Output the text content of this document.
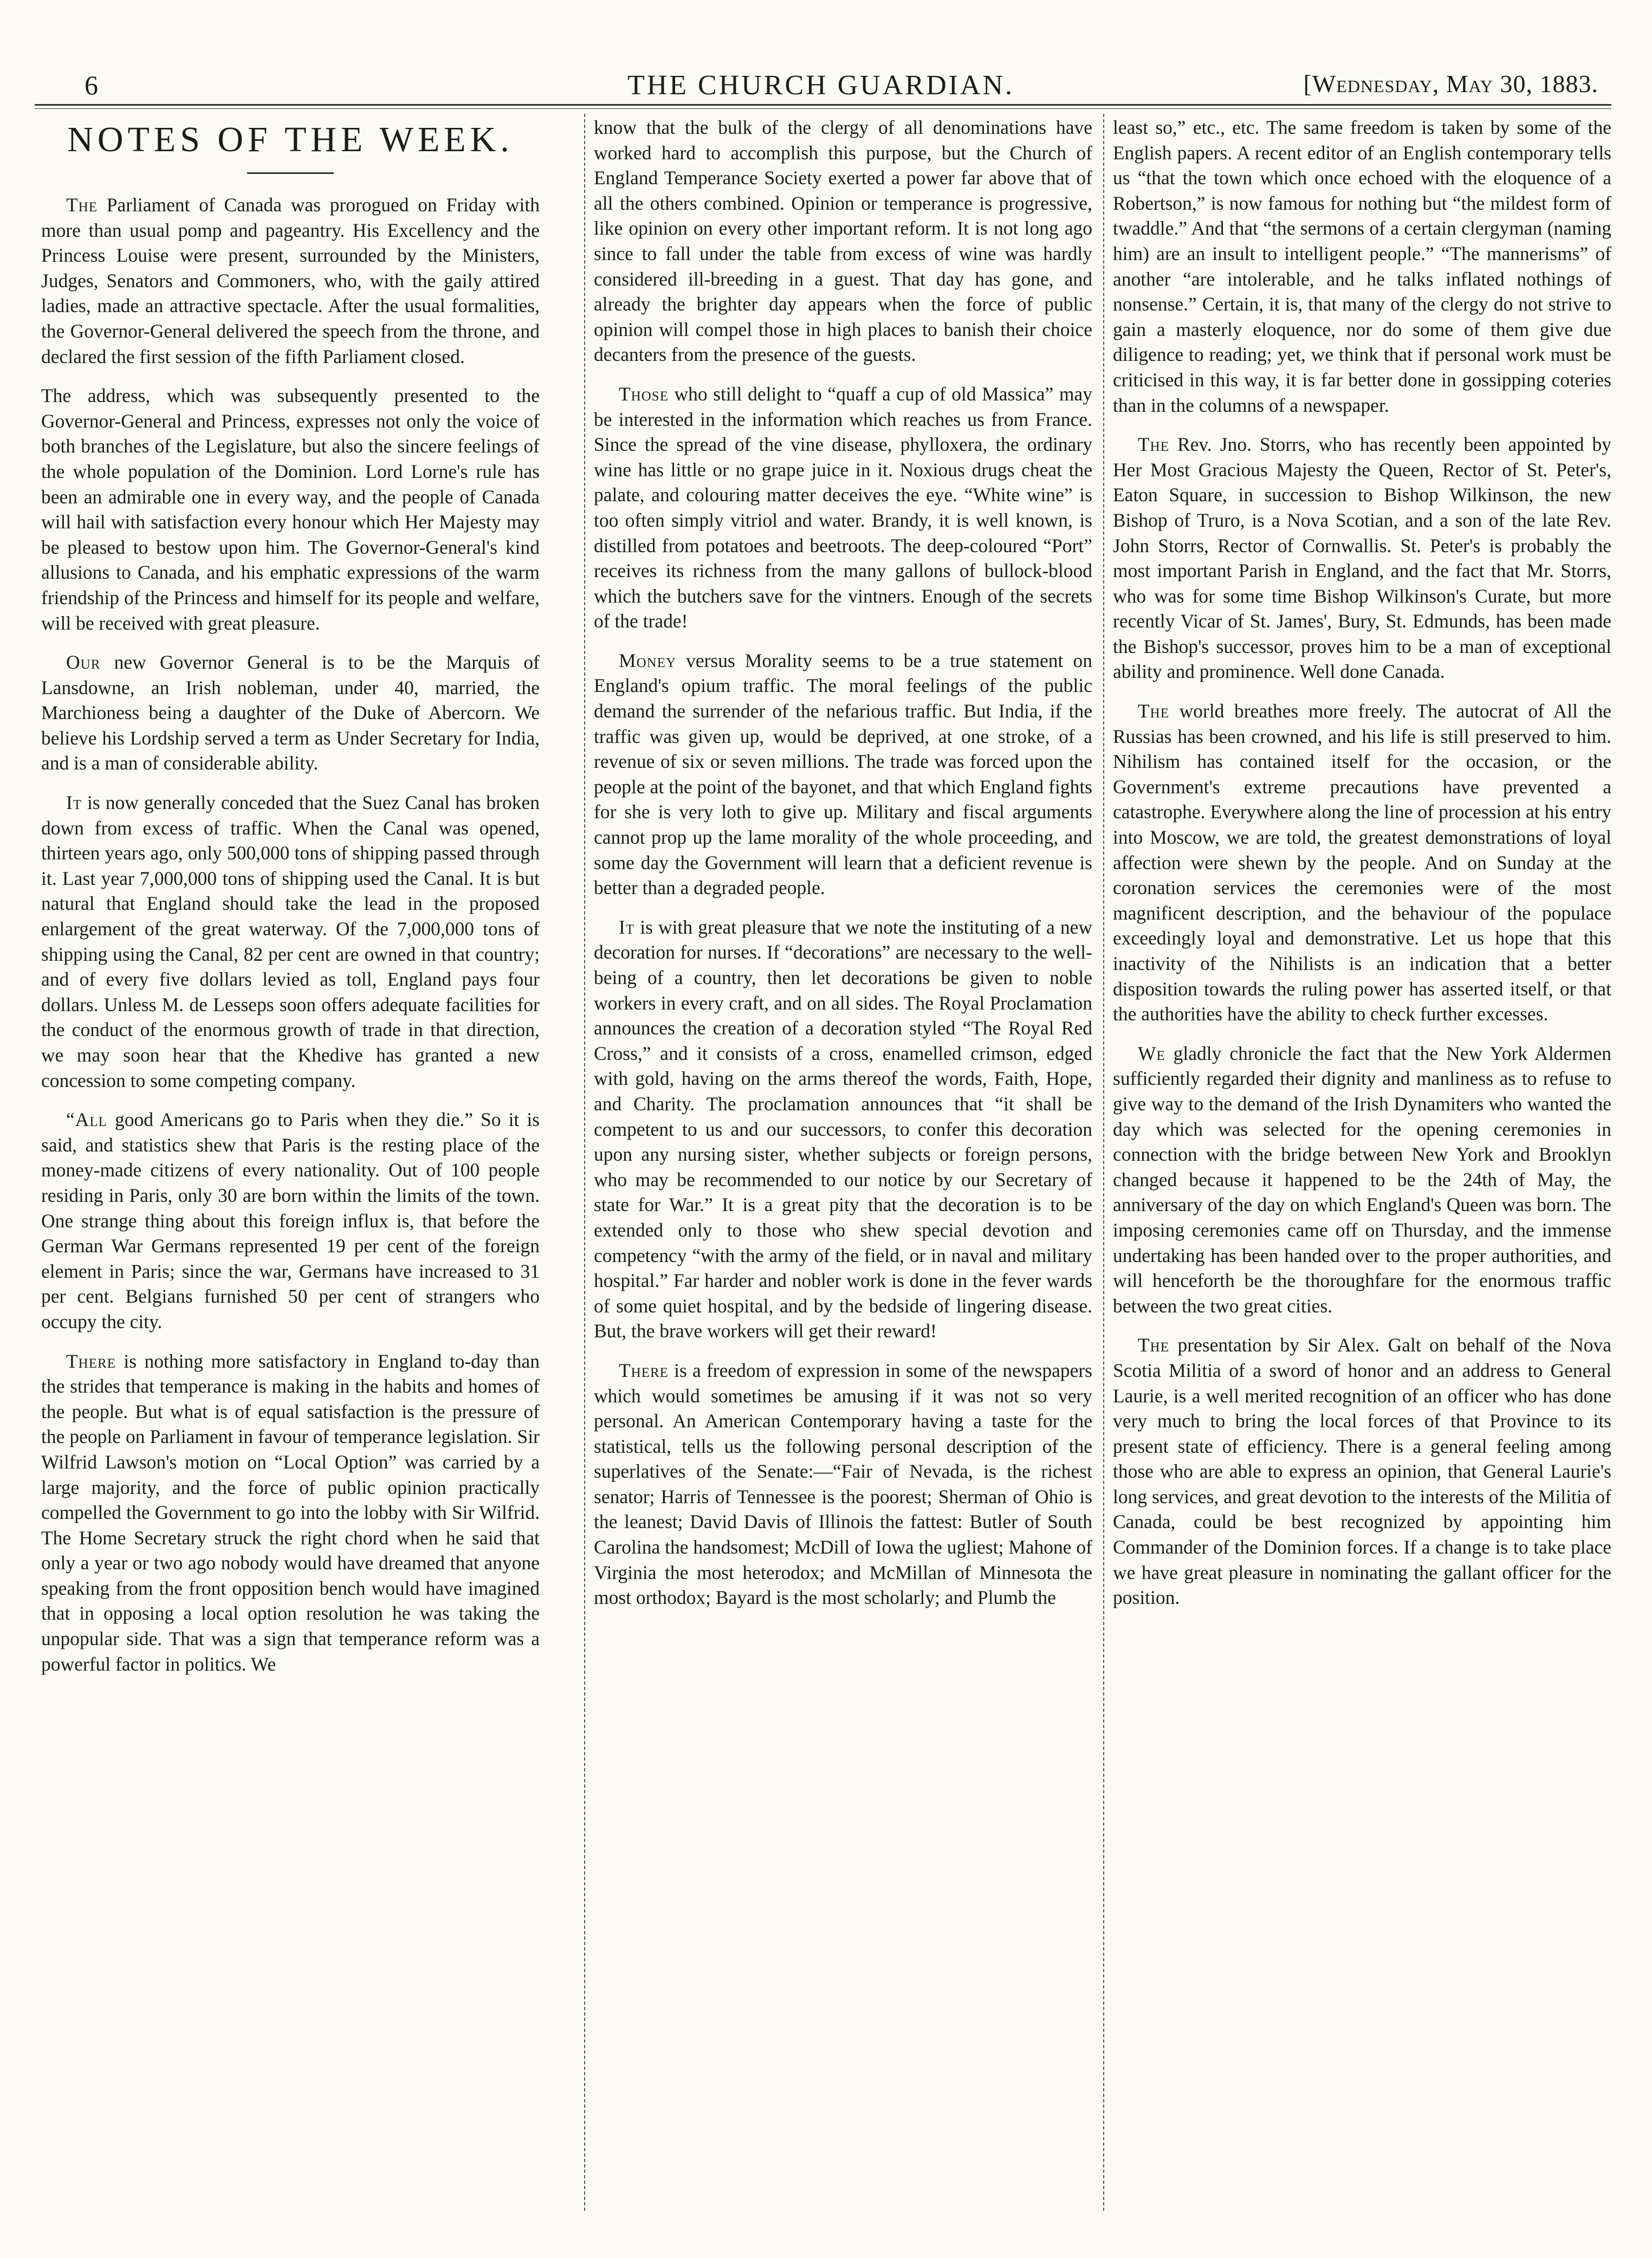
6	THE CHURCH GUARDIAN.	[Wednesday, May 30, 1883.
NOTES OF THE WEEK.

The Parliament of Canada was prorogued on Friday with more than usual pomp and pageantry. His Excellency and the Princess Louise were present, surrounded by the Ministers, Judges, Senators and Commoners, who, with the gaily attired ladies, made an attractive spectacle. After the usual formalities, the Governor-General delivered the speech from the throne, and declared the first session of the fifth Parliament closed.

The address, which was subsequently presented to the Governor-General and Princess, expresses not only the voice of both branches of the Legislature, but also the sincere feelings of the whole population of the Dominion. Lord Lorne's rule has been an admirable one in every way, and the people of Canada will hail with satisfaction every honour which Her Majesty may be pleased to bestow upon him. The Governor-General's kind allusions to Canada, and his emphatic expressions of the warm friendship of the Princess and himself for its people and welfare, will be received with great pleasure.

Our new Governor General is to be the Marquis of Lansdowne, an Irish nobleman, under 40, married, the Marchioness being a daughter of the Duke of Abercorn. We believe his Lordship served a term as Under Secretary for India, and is a man of considerable ability.

It is now generally conceded that the Suez Canal has broken down from excess of traffic. When the Canal was opened, thirteen years ago, only 500,000 tons of shipping passed through it. Last year 7,000,000 tons of shipping used the Canal. It is but natural that England should take the lead in the proposed enlargement of the great waterway. Of the 7,000,000 tons of shipping using the Canal, 82 per cent are owned in that country; and of every five dollars levied as toll, England pays four dollars. Unless M. de Lesseps soon offers adequate facilities for the conduct of the enormous growth of trade in that direction, we may soon hear that the Khedive has granted a new concession to some competing company.

“All good Americans go to Paris when they die.” So it is said, and statistics shew that Paris is the resting place of the money-made citizens of every nationality. Out of 100 people residing in Paris, only 30 are born within the limits of the town. One strange thing about this foreign influx is, that before the German War Germans represented 19 per cent of the foreign element in Paris; since the war, Germans have increased to 31 per cent. Belgians furnished 50 per cent of strangers who occupy the city.

There is nothing more satisfactory in England to-day than the strides that temperance is making in the habits and homes of the people. But what is of equal satisfaction is the pressure of the people on Parliament in favour of temperance legislation. Sir Wilfrid Lawson's motion on “Local Option” was carried by a large majority, and the force of public opinion practically compelled the Government to go into the lobby with Sir Wilfrid. The Home Secretary struck the right chord when he said that only a year or two ago nobody would have dreamed that anyone speaking from the front opposition bench would have imagined that in opposing a local option resolution he was taking the unpopular side. That was a sign that temperance reform was a powerful factor in politics. We

know that the bulk of the clergy of all denominations have worked hard to accomplish this purpose, but the Church of England Temperance Society exerted a power far above that of all the others combined. Opinion or temperance is progressive, like opinion on every other important reform. It is not long ago since to fall under the table from excess of wine was hardly considered ill-breeding in a guest. That day has gone, and already the brighter day appears when the force of public opinion will compel those in high places to banish their choice decanters from the presence of the guests.

Those who still delight to “quaff a cup of old Massica” may be interested in the information which reaches us from France. Since the spread of the vine disease, phylloxera, the ordinary wine has little or no grape juice in it. Noxious drugs cheat the palate, and colouring matter deceives the eye. “White wine” is too often simply vitriol and water. Brandy, it is well known, is distilled from potatoes and beetroots. The deep-coloured “Port” receives its richness from the many gallons of bullock-blood which the butchers save for the vintners. Enough of the secrets of the trade!

Money versus Morality seems to be a true statement on England's opium traffic. The moral feelings of the public demand the surrender of the nefarious traffic. But India, if the traffic was given up, would be deprived, at one stroke, of a revenue of six or seven millions. The trade was forced upon the people at the point of the bayonet, and that which England fights for she is very loth to give up. Military and fiscal arguments cannot prop up the lame morality of the whole proceeding, and some day the Government will learn that a deficient revenue is better than a degraded people.

It is with great pleasure that we note the instituting of a new decoration for nurses. If “decorations” are necessary to the well-being of a country, then let decorations be given to noble workers in every craft, and on all sides. The Royal Proclamation announces the creation of a decoration styled “The Royal Red Cross,” and it consists of a cross, enamelled crimson, edged with gold, having on the arms thereof the words, Faith, Hope, and Charity. The proclamation announces that “it shall be competent to us and our successors, to confer this decoration upon any nursing sister, whether subjects or foreign persons, who may be recommended to our notice by our Secretary of state for War.” It is a great pity that the decoration is to be extended only to those who shew special devotion and competency “with the army of the field, or in naval and military hospital.” Far harder and nobler work is done in the fever wards of some quiet hospital, and by the bedside of lingering disease. But, the brave workers will get their reward!

There is a freedom of expression in some of the newspapers which would sometimes be amusing if it was not so very personal. An American Contemporary having a taste for the statistical, tells us the following personal description of the superlatives of the Senate:—“Fair of Nevada, is the richest senator; Harris of Tennessee is the poorest; Sherman of Ohio is the leanest; David Davis of Illinois the fattest: Butler of South Carolina the handsomest; McDill of Iowa the ugliest; Mahone of Virginia the most heterodox; and McMillan of Minnesota the most orthodox; Bayard is the most scholarly; and Plumb the

least so,” etc., etc. The same freedom is taken by some of the English papers. A recent editor of an English contemporary tells us “that the town which once echoed with the eloquence of a Robertson,” is now famous for nothing but “the mildest form of twaddle.” And that “the sermons of a certain clergyman (naming him) are an insult to intelligent people.” “The mannerisms” of another “are intolerable, and he talks inflated nothings of nonsense.” Certain, it is, that many of the clergy do not strive to gain a masterly eloquence, nor do some of them give due diligence to reading; yet, we think that if personal work must be criticised in this way, it is far better done in gossipping coteries than in the columns of a newspaper.

The Rev. Jno. Storrs, who has recently been appointed by Her Most Gracious Majesty the Queen, Rector of St. Peter's, Eaton Square, in succession to Bishop Wilkinson, the new Bishop of Truro, is a Nova Scotian, and a son of the late Rev. John Storrs, Rector of Cornwallis. St. Peter's is probably the most important Parish in England, and the fact that Mr. Storrs, who was for some time Bishop Wilkinson's Curate, but more recently Vicar of St. James', Bury, St. Edmunds, has been made the Bishop's successor, proves him to be a man of exceptional ability and prominence. Well done Canada.

The world breathes more freely. The autocrat of All the Russias has been crowned, and his life is still preserved to him. Nihilism has contained itself for the occasion, or the Government's extreme precautions have prevented a catastrophe. Everywhere along the line of procession at his entry into Moscow, we are told, the greatest demonstrations of loyal affection were shewn by the people. And on Sunday at the coronation services the ceremonies were of the most magnificent description, and the behaviour of the populace exceedingly loyal and demonstrative. Let us hope that this inactivity of the Nihilists is an indication that a better disposition towards the ruling power has asserted itself, or that the authorities have the ability to check further excesses.

We gladly chronicle the fact that the New York Aldermen sufficiently regarded their dignity and manliness as to refuse to give way to the demand of the Irish Dynamiters who wanted the day which was selected for the opening ceremonies in connection with the bridge between New York and Brooklyn changed because it happened to be the 24th of May, the anniversary of the day on which England's Queen was born. The imposing ceremonies came off on Thursday, and the immense undertaking has been handed over to the proper authorities, and will henceforth be the thoroughfare for the enormous traffic between the two great cities.

The presentation by Sir Alex. Galt on behalf of the Nova Scotia Militia of a sword of honor and an address to General Laurie, is a well merited recognition of an officer who has done very much to bring the local forces of that Province to its present state of efficiency. There is a general feeling among those who are able to express an opinion, that General Laurie's long services, and great devotion to the interests of the Militia of Canada, could be best recognized by appointing him Commander of the Dominion forces. If a change is to take place we have great pleasure in nominating the gallant officer for the position.
